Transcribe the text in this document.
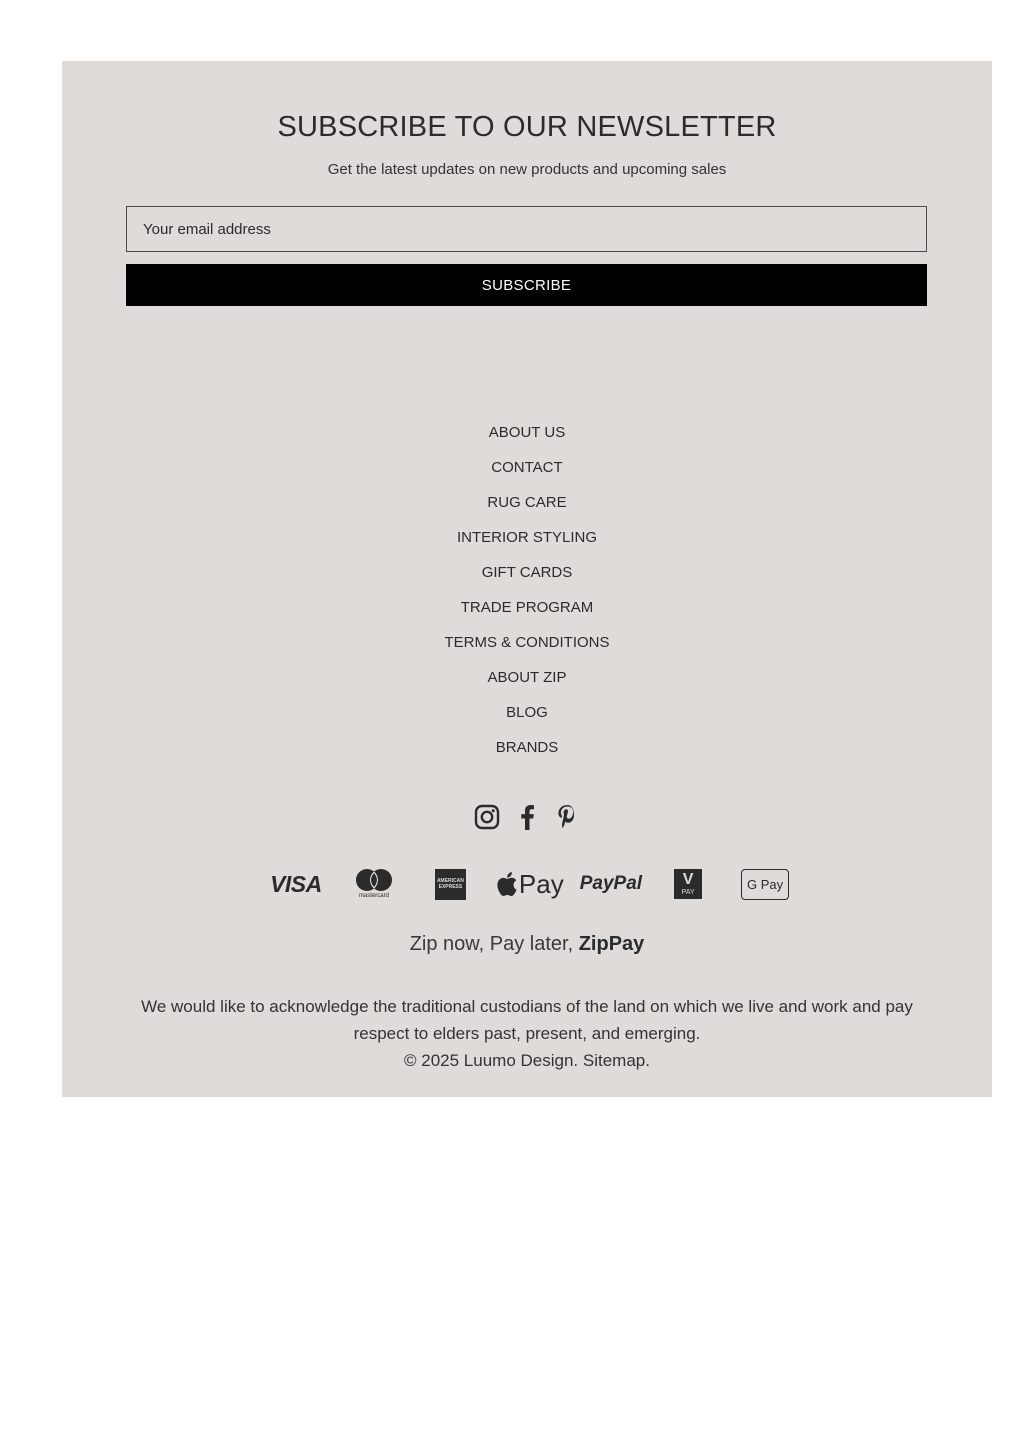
SUBSCRIBE TO OUR NEWSLETTER
Get the latest updates on new products and upcoming sales
Your email address
SUBSCRIBE
ABOUT US
CONTACT
RUG CARE
INTERIOR STYLING
GIFT CARDS
TRADE PROGRAM
TERMS & CONDITIONS
ABOUT ZIP
BLOG
BRANDS
VISA	mastercard
AMERICAN
EXPRESS Pay PayPal	V
PAY
G Pay
Zip now, Pay later, ZipPay
We would like to acknowledge the traditional custodians of the land on which we live and work and pay respect to elders past, present, and emerging.
© 2025 Luumo Design. Sitemap.
